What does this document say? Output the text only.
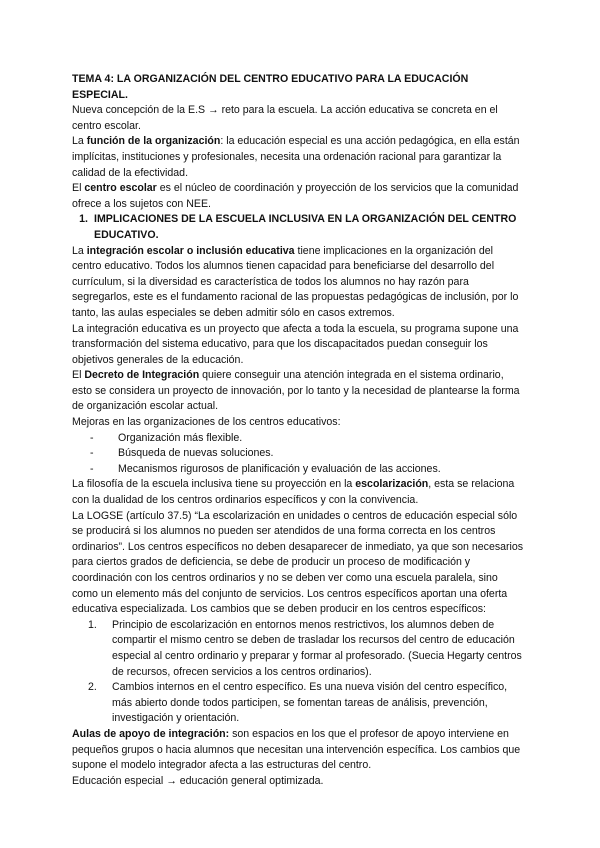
TEMA 4: LA ORGANIZACIÓN DEL CENTRO EDUCATIVO PARA LA EDUCACIÓN ESPECIAL.

Nueva concepción de la E.S → reto para la escuela. La acción educativa se concreta en el centro escolar.

La función de la organización: la educación especial es una acción pedagógica, en ella están implícitas, instituciones y profesionales, necesita una ordenación racional para garantizar la calidad de la efectividad.

El centro escolar es el núcleo de coordinación y proyección de los servicios que la comunidad ofrece a los sujetos con NEE.

1. IMPLICACIONES DE LA ESCUELA INCLUSIVA EN LA ORGANIZACIÓN DEL CENTRO EDUCATIVO.

La integración escolar o inclusión educativa tiene implicaciones en la organización del centro educativo. Todos los alumnos tienen capacidad para beneficiarse del desarrollo del currículum, si la diversidad es característica de todos los alumnos no hay razón para segregarlos, este es el fundamento racional de las propuestas pedagógicas de inclusión, por lo tanto, las aulas especiales se deben admitir sólo en casos extremos.

La integración educativa es un proyecto que afecta a toda la escuela, su programa supone una transformación del sistema educativo, para que los discapacitados puedan conseguir los objetivos generales de la educación.

El Decreto de Integración quiere conseguir una atención integrada en el sistema ordinario, esto se considera un proyecto de innovación, por lo tanto y la necesidad de plantearse la forma de organización escolar actual.

Mejoras en las organizaciones de los centros educativos:

-	Organización más flexible.
-	Búsqueda de nuevas soluciones.
-	Mecanismos rigurosos de planificación y evaluación de las acciones.

La filosofía de la escuela inclusiva tiene su proyección en la escolarización, esta se relaciona con la dualidad de los centros ordinarios específicos y con la convivencia.

La LOGSE (artículo 37.5) “La escolarización en unidades o centros de educación especial sólo se producirá si los alumnos no pueden ser atendidos de una forma correcta en los centros ordinarios”. Los centros específicos no deben desaparecer de inmediato, ya que son necesarios para ciertos grados de deficiencia, se debe de producir un proceso de modificación y coordinación con los centros ordinarios y no se deben ver como una escuela paralela, sino como un elemento más del conjunto de servicios. Los centros específicos aportan una oferta educativa especializada. Los cambios que se deben producir en los centros específicos:

1.	Principio de escolarización en entornos menos restrictivos, los alumnos deben de compartir el mismo centro se deben de trasladar los recursos del centro de educación especial al centro ordinario y preparar y formar al profesorado. (Suecia Hegarty centros de recursos, ofrecen servicios a los centros ordinarios).
2.	Cambios internos en el centro específico. Es una nueva visión del centro específico, más abierto donde todos participen, se fomentan tareas de análisis, prevención, investigación y orientación.

Aulas de apoyo de integración: son espacios en los que el profesor de apoyo interviene en pequeños grupos o hacia alumnos que necesitan una intervención específica. Los cambios que supone el modelo integrador afecta a las estructuras del centro.

Educación especial → educación general optimizada.
